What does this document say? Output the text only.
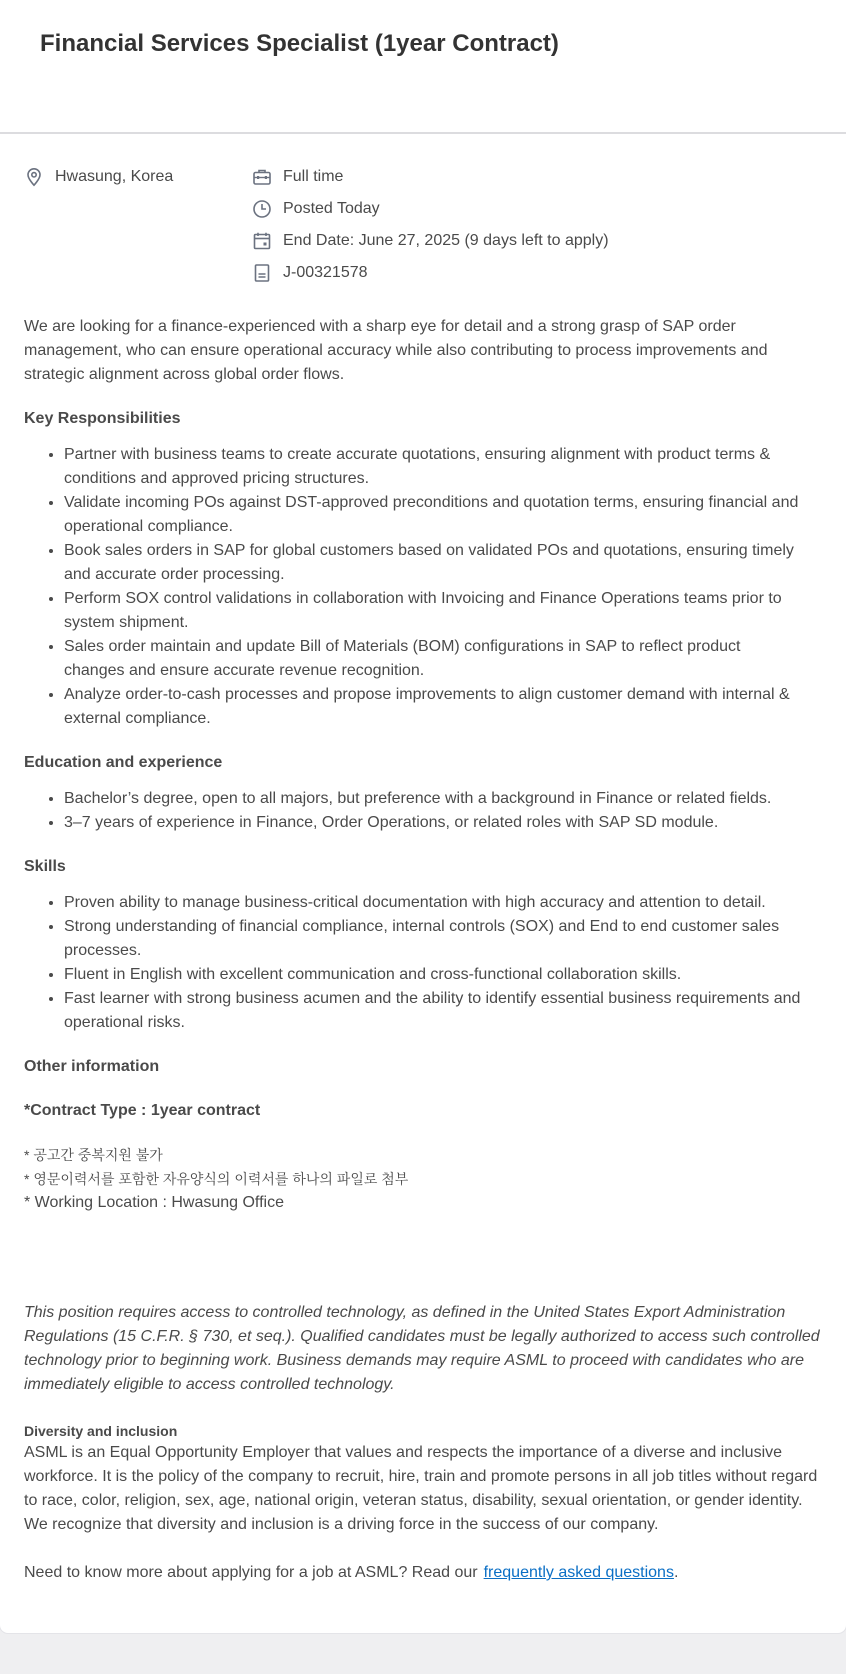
Financial Services Specialist (1year Contract)
Hwasung, Korea	Full time
Posted Today
End Date: June 27, 2025 (9 days left to apply)
J-00321578

We are looking for a finance-experienced with a sharp eye for detail and a strong grasp of SAP order management, who can ensure operational accuracy while also contributing to process improvements and strategic alignment across global order flows.

Key Responsibilities

• Partner with business teams to create accurate quotations, ensuring alignment with product terms & conditions and approved pricing structures.
• Validate incoming POs against DST-approved preconditions and quotation terms, ensuring financial and operational compliance.
• Book sales orders in SAP for global customers based on validated POs and quotations, ensuring timely and accurate order processing.
• Perform SOX control validations in collaboration with Invoicing and Finance Operations teams prior to system shipment.
• Sales order maintain and update Bill of Materials (BOM) configurations in SAP to reflect product changes and ensure accurate revenue recognition.
• Analyze order-to-cash processes and propose improvements to align customer demand with internal & external compliance.

Education and experience

• Bachelor’s degree, open to all majors, but preference with a background in Finance or related fields.
• 3–7 years of experience in Finance, Order Operations, or related roles with SAP SD module.

Skills

• Proven ability to manage business-critical documentation with high accuracy and attention to detail.
• Strong understanding of financial compliance, internal controls (SOX) and End to end customer sales processes.
• Fluent in English with excellent communication and cross-functional collaboration skills.
• Fast learner with strong business acumen and the ability to identify essential business requirements and operational risks.

Other information

*Contract Type : 1year contract

* 공고간 중복지원 불가
* 영문이력서를 포함한 자유양식의 이력서를 하나의 파일로 첨부
* Working Location : Hwasung Office

This position requires access to controlled technology, as defined in the United States Export Administration Regulations (15 C.F.R. § 730, et seq.). Qualified candidates must be legally authorized to access such controlled technology prior to beginning work. Business demands may require ASML to proceed with candidates who are immediately eligible to access controlled technology.

Diversity and inclusion

ASML is an Equal Opportunity Employer that values and respects the importance of a diverse and inclusive workforce. It is the policy of the company to recruit, hire, train and promote persons in all job titles without regard to race, color, religion, sex, age, national origin, veteran status, disability, sexual orientation, or gender identity. We recognize that diversity and inclusion is a driving force in the success of our company.

Need to know more about applying for a job at ASML? Read our frequently asked questions.
